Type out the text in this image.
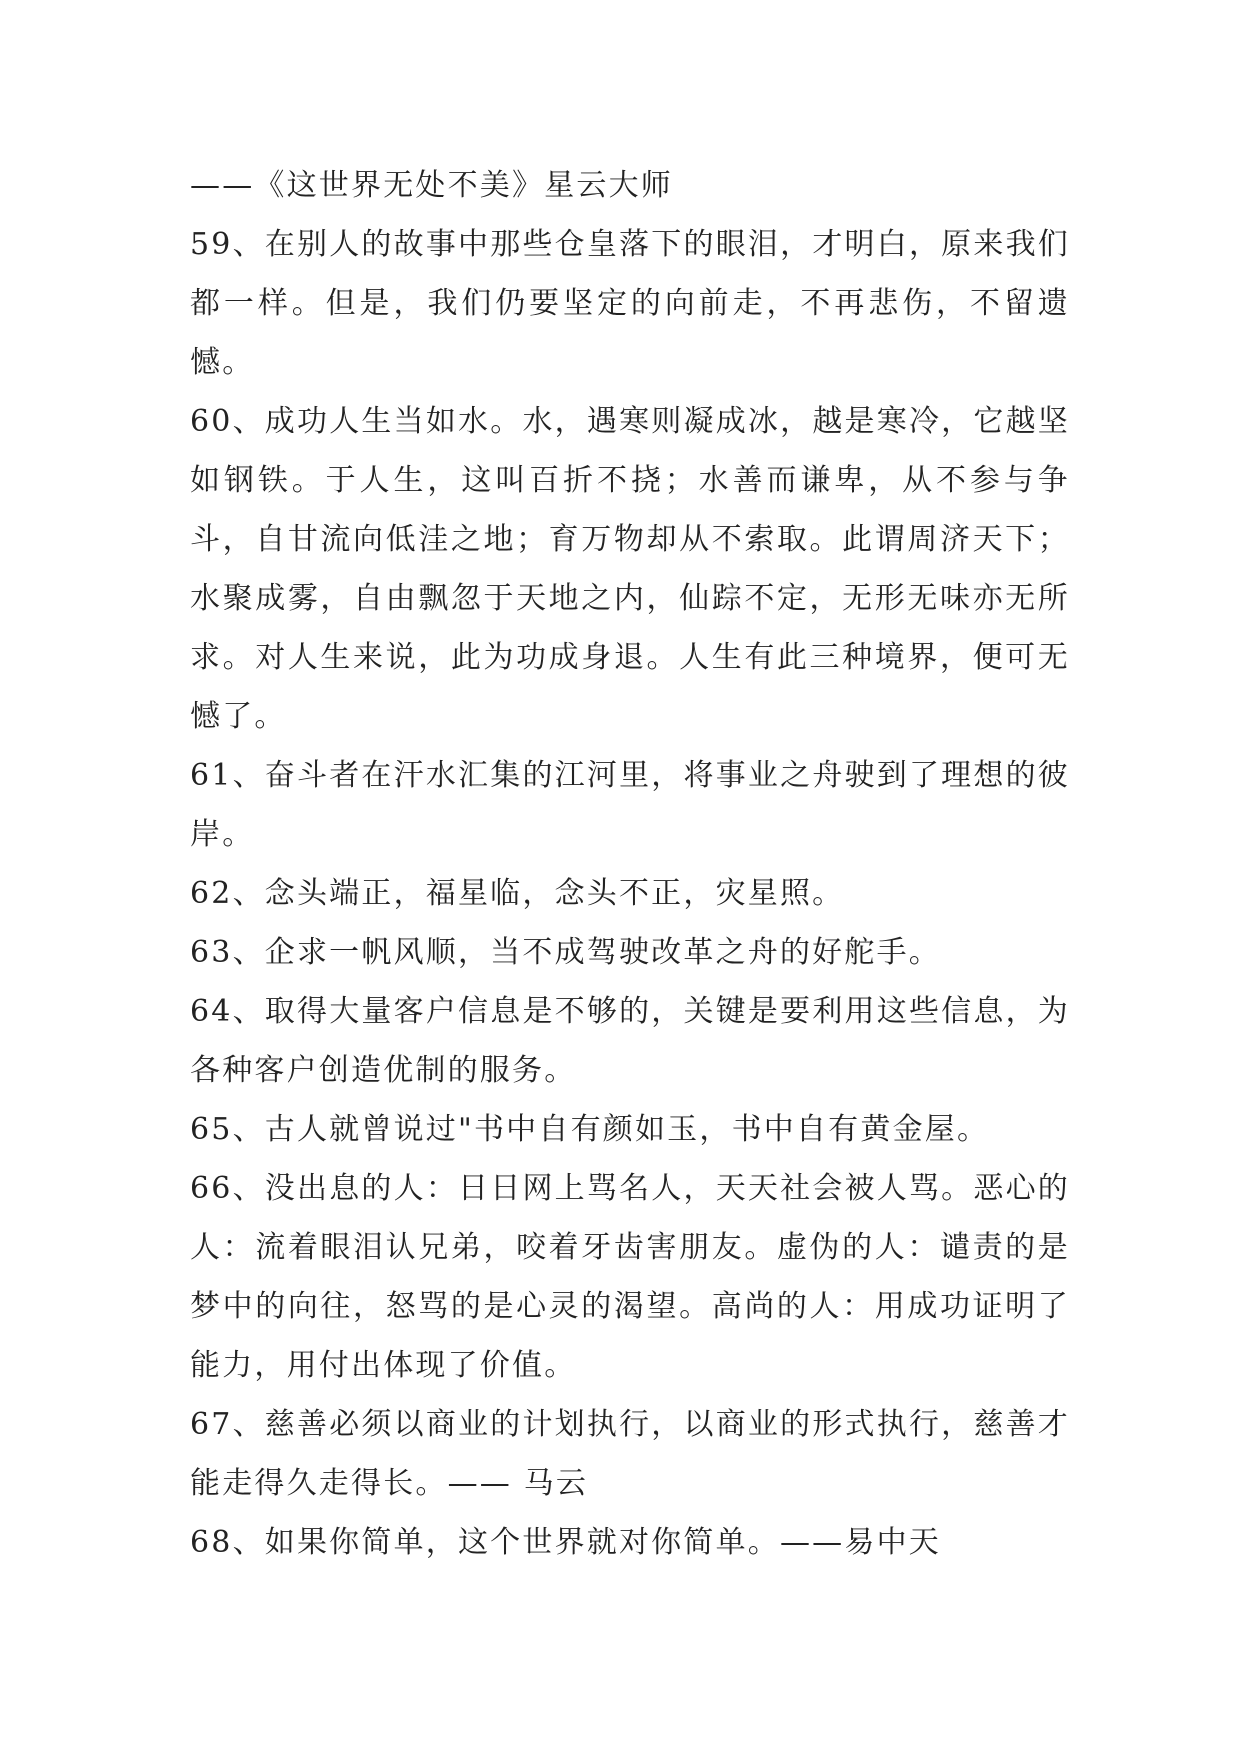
——《这世界无处不美》星云大师

59、在别人的故事中那些仓皇落下的眼泪，才明白，原来我们都一样。但是，我们仍要坚定的向前走，不再悲伤，不留遗憾。

60、成功人生当如水。水，遇寒则凝成冰，越是寒冷，它越坚如钢铁。于人生，这叫百折不挠；水善而谦卑，从不参与争斗，自甘流向低洼之地；育万物却从不索取。此谓周济天下；水聚成雾，自由飘忽于天地之内，仙踪不定，无形无味亦无所求。对人生来说，此为功成身退。人生有此三种境界，便可无憾了。

61、奋斗者在汗水汇集的江河里，将事业之舟驶到了理想的彼岸。

62、念头端正，福星临，念头不正，灾星照。

63、企求一帆风顺，当不成驾驶改革之舟的好舵手。

64、取得大量客户信息是不够的，关键是要利用这些信息，为各种客户创造优制的服务。

65、古人就曾说过"书中自有颜如玉，书中自有黄金屋。

66、没出息的人：日日网上骂名人，天天社会被人骂。恶心的人：流着眼泪认兄弟，咬着牙齿害朋友。虚伪的人：谴责的是梦中的向往，怒骂的是心灵的渴望。高尚的人：用成功证明了能力，用付出体现了价值。

67、慈善必须以商业的计划执行，以商业的形式执行，慈善才能走得久走得长。—— 马云

68、如果你简单，这个世界就对你简单。——易中天
